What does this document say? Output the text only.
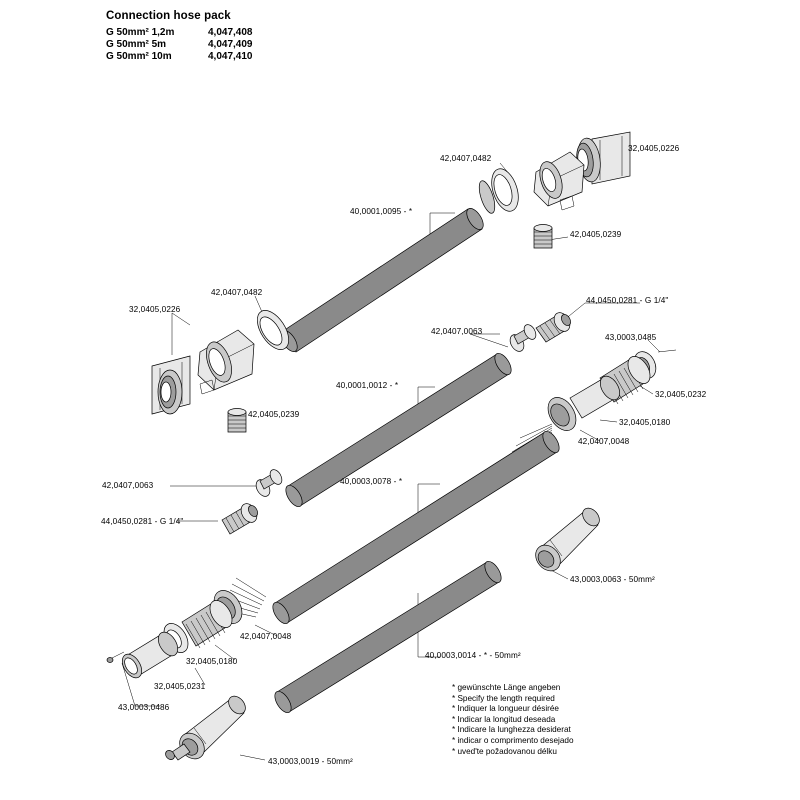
Connection hose pack
G 50mm² 1,2m	4,047,408
G 50mm² 5m	4,047,409
G 50mm² 10m	4,047,410
42,0407,0482
32,0405,0226
40,0001,0095 - *
42,0405,0239
42,0407,0482
32,0405,0226
44,0450,0281 - G 1/4"
42,0407,0063
43,0003,0485
40,0001,0012 - *
32,0405,0232
42,0405,0239
32,0405,0180
42,0407,0048
42,0407,0063	40,0003,0078 - *
44,0450,0281 - G 1/4"
43,0003,0063 - 50mm²
42,0407,0048
32,0405,0180
40,0003,0014 - * - 50mm²
32,0405,0231
43,0003,0486
43,0003,0019 - 50mm²
* gewünschte Länge angeben
* Specify the length required
* Indiquer la longueur désirée
* Indicar la longitud deseada
* Indicare la lunghezza desiderat
* indicar o comprimento desejado
* uved'te požadovanou délku
